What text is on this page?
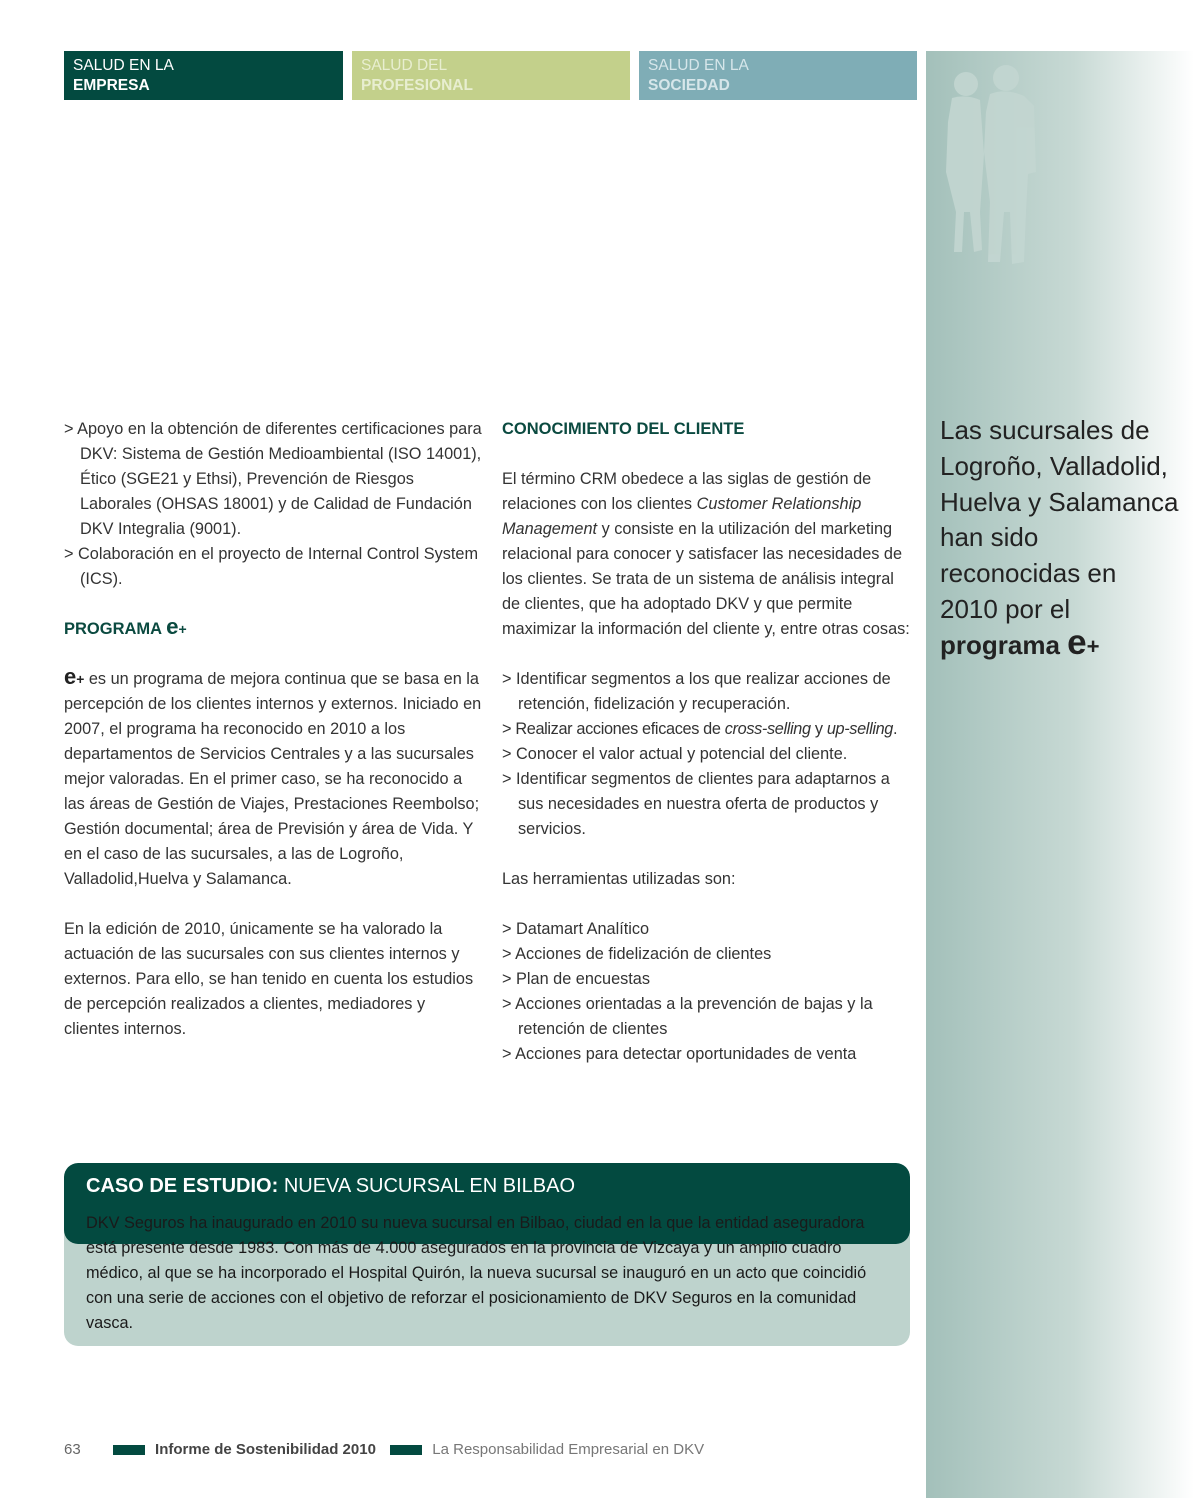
SALUD EN LA
EMPRESA
SALUD DEL
PROFESIONAL
SALUD EN LA
SOCIEDAD
Las sucursales de Logroño, Valladolid, Huelva y Salamanca han sido reconocidas en 2010 por el programa e+

> Apoyo en la obtención de diferentes certificaciones para DKV: Sistema de Gestión Medioambiental (ISO 14001), Ético (SGE21 y Ethsi), Prevención de Riesgos Laborales (OHSAS 18001) y de Calidad de Fundación DKV Integralia (9001).

> Colaboración en el proyecto de Internal Control System (ICS).

PROGRAMA e+

e+ es un programa de mejora continua que se basa en la percepción de los clientes internos y externos. Iniciado en 2007, el programa ha reconocido en 2010 a los departamentos de Servicios Centrales y a las sucursales mejor valoradas. En el primer caso, se ha reconocido a las áreas de Gestión de Viajes, Prestaciones Reembolso; Gestión documental; área de Previsión y área de Vida. Y en el caso de las sucursales, a las de Logroño, Valladolid,Huelva y Salamanca.

En la edición de 2010, únicamente se ha valorado la actuación de las sucursales con sus clientes internos y externos. Para ello, se han tenido en cuenta los estudios de percepción realizados a clientes, mediadores y clientes internos.

CONOCIMIENTO DEL CLIENTE

El término CRM obedece a las siglas de gestión de relaciones con los clientes Customer Relationship Management y consiste en la utilización del marketing relacional para conocer y satisfacer las necesidades de los clientes. Se trata de un sistema de análisis integral de clientes, que ha adoptado DKV y que permite maximizar la información del cliente y, entre otras cosas:

> Identificar segmentos a los que realizar acciones de retención, fidelización y recuperación.

> Realizar acciones eficaces de cross-selling y up-selling.

> Conocer el valor actual y potencial del cliente.

> Identificar segmentos de clientes para adaptarnos a sus necesidades en nuestra oferta de productos y servicios.

Las herramientas utilizadas son:

> Datamart Analítico

> Acciones de fidelización de clientes

> Plan de encuestas

> Acciones orientadas a la prevención de bajas y la retención de clientes

> Acciones para detectar oportunidades de venta

CASO DE ESTUDIO: NUEVA SUCURSAL EN BILBAO
DKV Seguros ha inaugurado en 2010 su nueva sucursal en Bilbao, ciudad en la que la entidad aseguradora está presente desde 1983. Con más de 4.000 asegurados en la provincia de Vizcaya y un amplio cuadro médico, al que se ha incorporado el Hospital Quirón, la nueva sucursal se inauguró en un acto que coincidió con una serie de acciones con el objetivo de reforzar el posicionamiento de DKV Seguros en la comunidad vasca.
63	Informe de Sostenibilidad 2010	La Responsabilidad Empresarial en DKV
